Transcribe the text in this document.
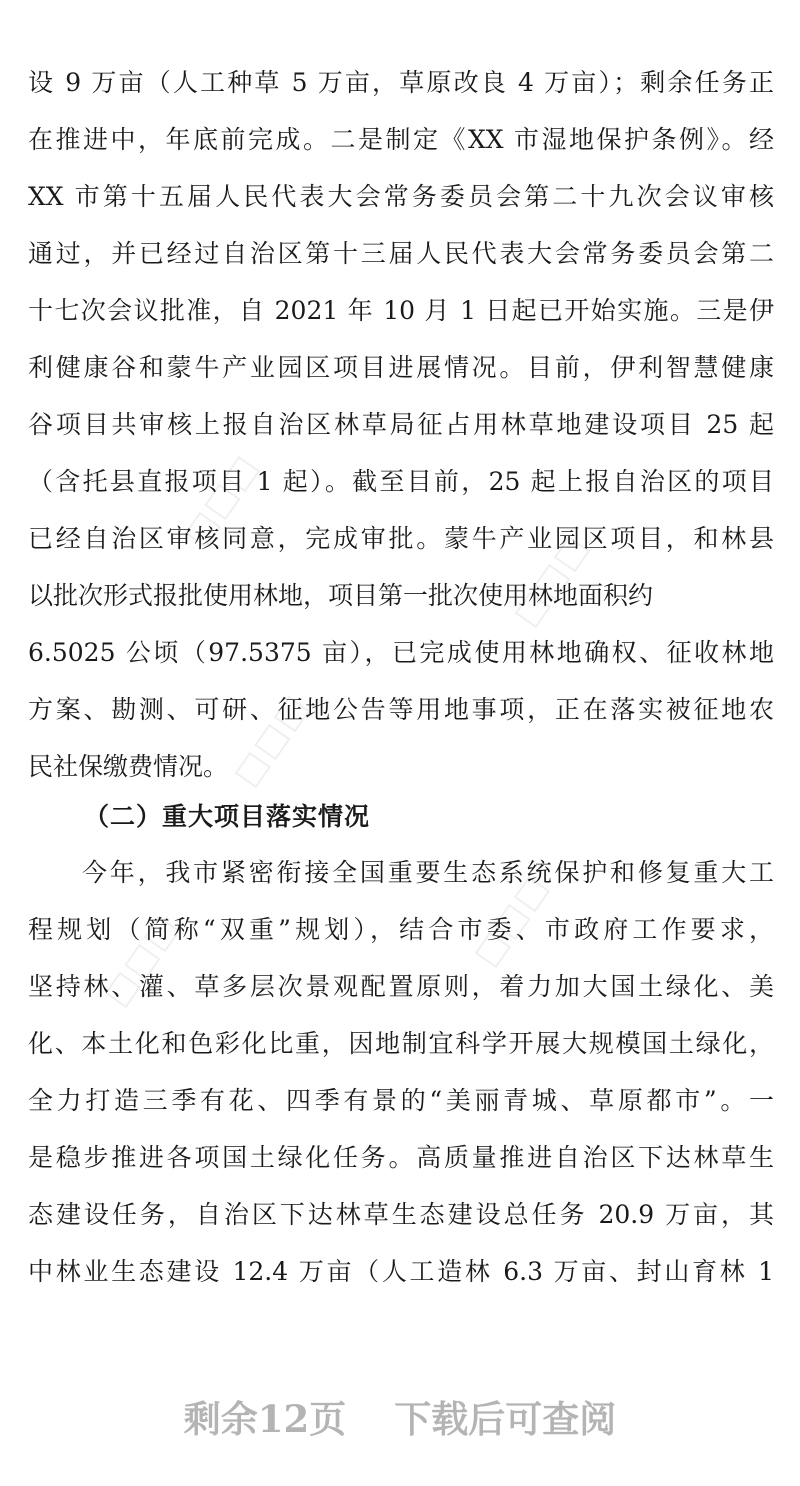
□□□
□□□
□□□
□□□
□□□
设 9 万亩（人工种草 5 万亩，草原改良 4 万亩）；剩余任务正
在推进中，年底前完成。二是制定《XX 市湿地保护条例》。经
XX 市第十五届人民代表大会常务委员会第二十九次会议审核
通过，并已经过自治区第十三届人民代表大会常务委员会第二
十七次会议批准，自 2021 年 10 月 1 日起已开始实施。三是伊
利健康谷和蒙牛产业园区项目进展情况。目前，伊利智慧健康
谷项目共审核上报自治区林草局征占用林草地建设项目 25 起
（含托县直报项目 1 起）。截至目前，25 起上报自治区的项目
已经自治区审核同意，完成审批。蒙牛产业园区项目，和林县
以批次形式报批使用林地，项目第一批次使用林地面积约
6.5025 公顷（97.5375 亩），已完成使用林地确权、征收林地
方案、勘测、可研、征地公告等用地事项，正在落实被征地农
民社保缴费情况。
（二）重大项目落实情况
今年，我市紧密衔接全国重要生态系统保护和修复重大工
程规划（简称“双重”规划），结合市委、市政府工作要求，
坚持林、灌、草多层次景观配置原则，着力加大国土绿化、美
化、本土化和色彩化比重，因地制宜科学开展大规模国土绿化，
全力打造三季有花、四季有景的“美丽青城、草原都市”。一
是稳步推进各项国土绿化任务。高质量推进自治区下达林草生
态建设任务，自治区下达林草生态建设总任务 20.9 万亩，其
中林业生态建设 12.4 万亩（人工造林 6.3 万亩、封山育林 1
剩余12页 下载后可查阅
